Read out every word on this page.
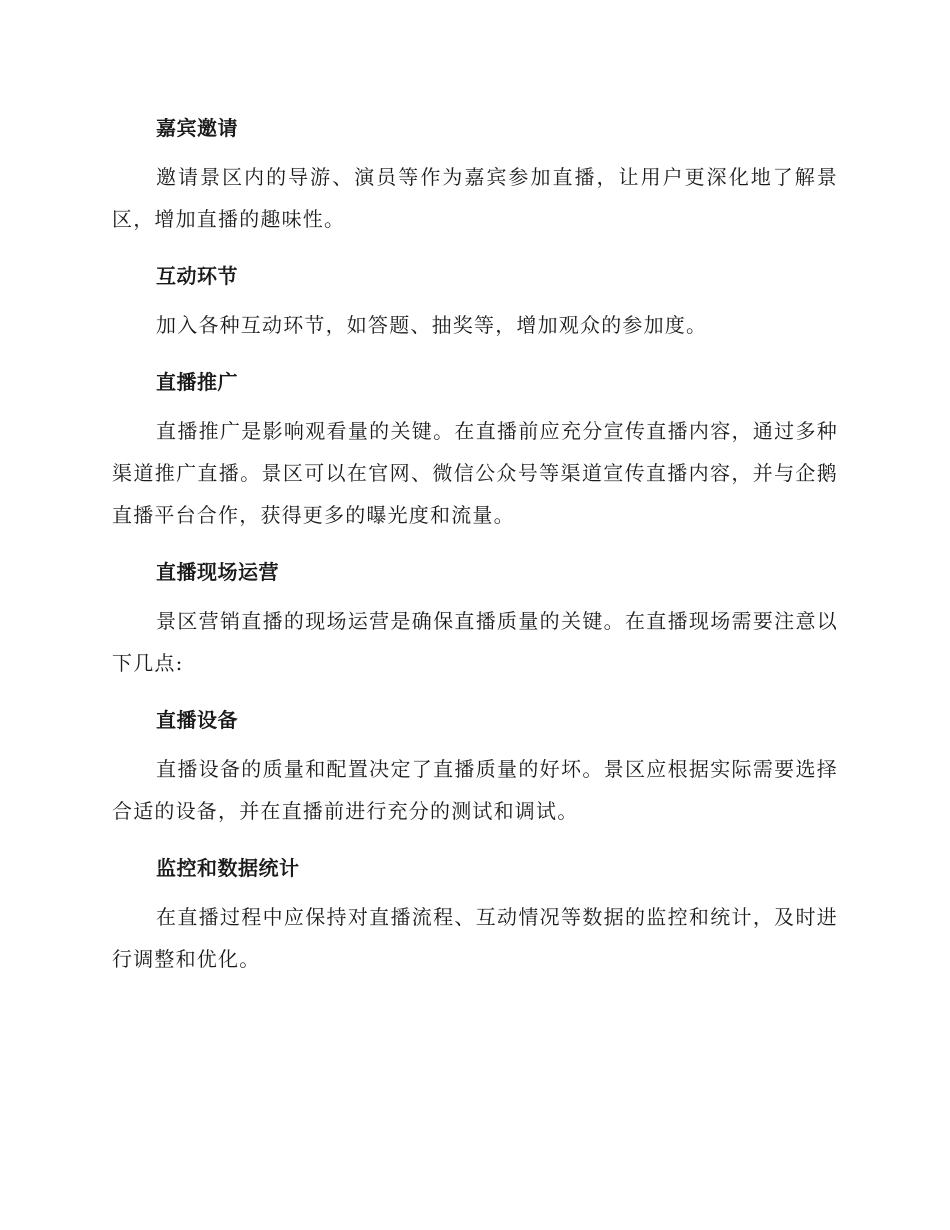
嘉宾邀请

邀请景区内的导游、演员等作为嘉宾参加直播，让用户更深化地了解景区，增加直播的趣味性。

互动环节

加入各种互动环节，如答题、抽奖等，增加观众的参加度。

直播推广

直播推广是影响观看量的关键。在直播前应充分宣传直播内容，通过多种渠道推广直播。景区可以在官网、微信公众号等渠道宣传直播内容，并与企鹅直播平台合作，获得更多的曝光度和流量。

直播现场运营

景区营销直播的现场运营是确保直播质量的关键。在直播现场需要注意以下几点:

直播设备

直播设备的质量和配置决定了直播质量的好坏。景区应根据实际需要选择合适的设备，并在直播前进行充分的测试和调试。

监控和数据统计

在直播过程中应保持对直播流程、互动情况等数据的监控和统计，及时进行调整和优化。
